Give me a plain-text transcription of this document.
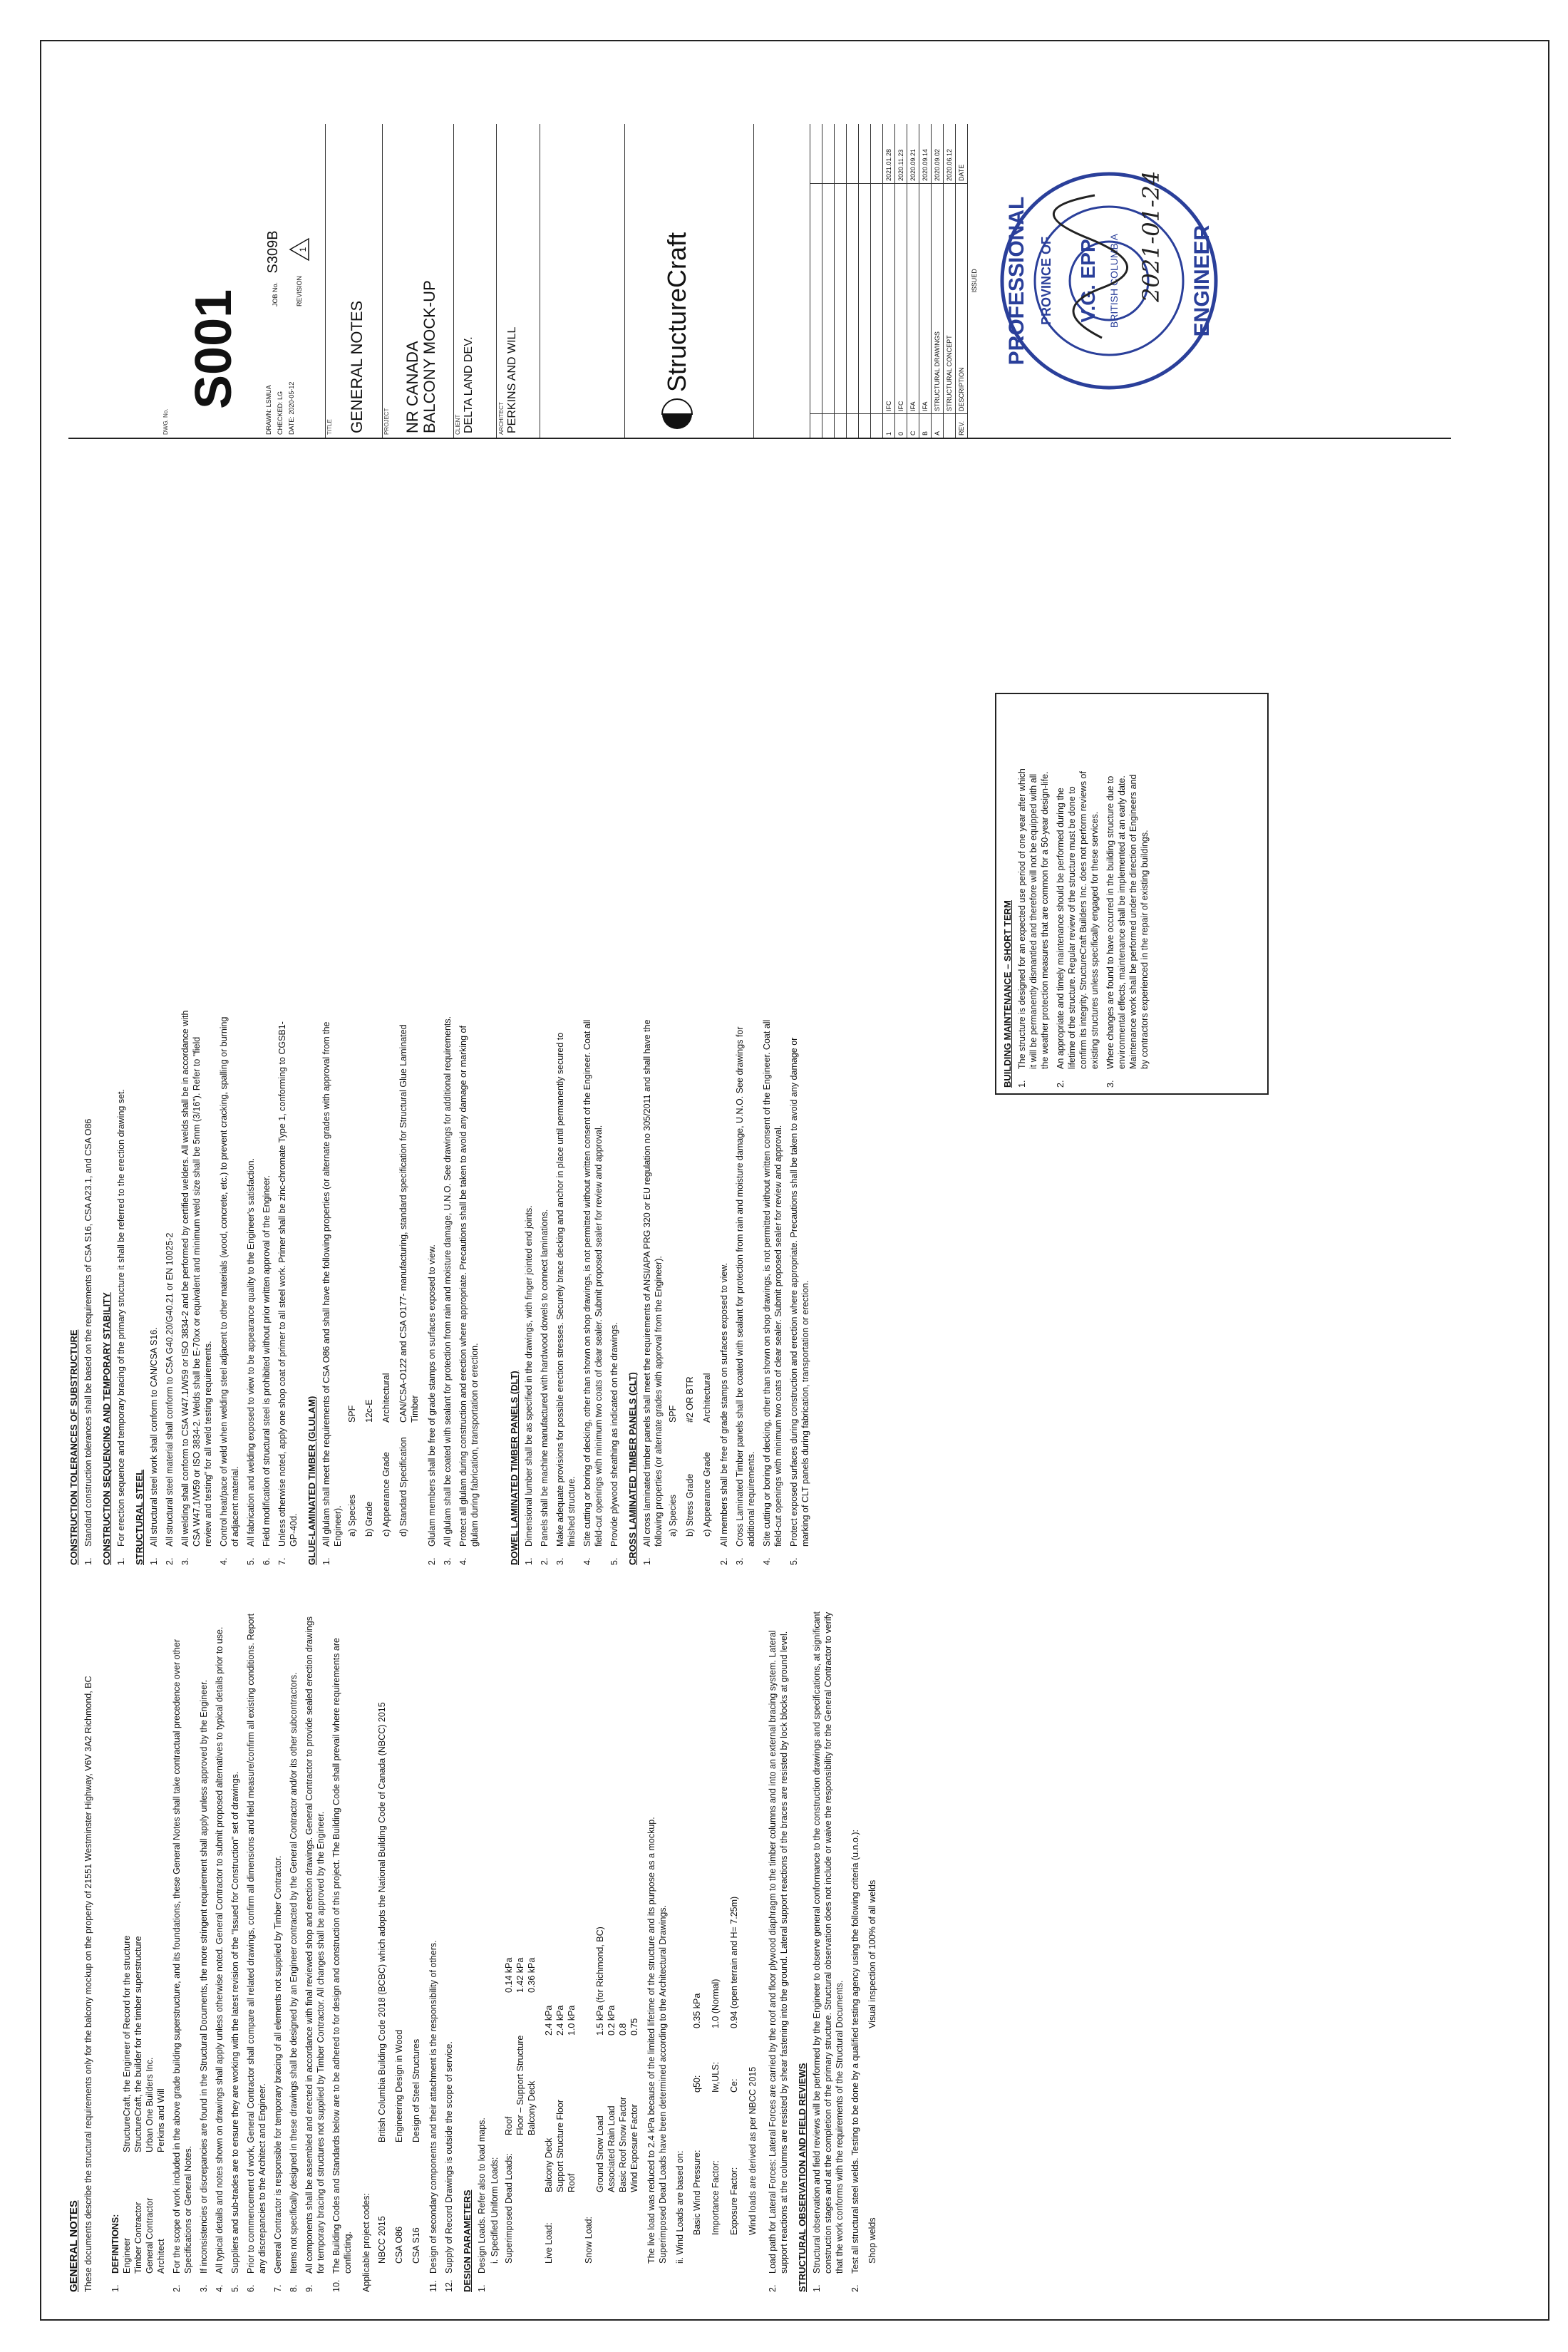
GENERAL NOTES These documents describe the structural requirements only for the balcony mockup on the property of 21551 Westminster Highway, V6V 3A2 Richmond, BC 1.
DEFINITIONS: Engineer
StructureCraft, the Engineer of Record for the structure
Timber Contractor
StructureCraft, the builder for the timber superstructure
General Contractor
Urban One Builders Inc.
Architect
Perkins and Will
2.
For the scope of work included in the above grade building superstructure, and its foundations, these General Notes shall take contractual precedence over other Specifications or General Notes.
3.
If inconsistencies or discrepancies are found in the Structural Documents, the more stringent requirement shall apply unless approved by the Engineer.
4.
All typical details and notes shown on drawings shall apply unless otherwise noted. General Contractor to submit proposed alternatives to typical details prior to use.
5.
Suppliers and sub-trades are to ensure they are working with the latest revision of the "Issued for Construction" set of drawings.
6.
Prior to commencement of work, General Contractor shall compare all related drawings, confirm all dimensions and field measure/confirm all existing conditions. Report any discrepancies to the Architect and Engineer.
7.
General Contractor is responsible for temporary bracing of all elements not supplied by Timber Contractor.
8.
Items not specifically designed in these drawings shall be designed by an Engineer contracted by the General Contractor and/or its other subcontractors.
9.
All components shall be assembled and erected in accordance with final reviewed shop and erection drawings. General Contractor to provide sealed erection drawings for temporary bracing of structures not supplied by Timber Contractor. All changes shall be approved by the Engineer.
10.
The Building Codes and Standards below are to be adhered to for design and construction of this project. The Building Code shall prevail where requirements are conflicting. Applicable project codes: NBCC 2015
British Columbia Building Code 2018 (BCBC) which adopts the National Building Code of Canada (NBCC) 2015
CSA O86
Engineering Design in Wood
CSA S16
Design of Steel Structures
11.
Design of secondary components and their attachment is the responsibility of others.
12.
Supply of Record Drawings is outside the scope of service. DESIGN PARAMETERS 1.
Design Loads. Refer also to load maps. i. Specified Uniform Loads: Superimposed Dead Loads:
Roof
0.14 kPa
Floor – Support Structure
1.42 kPa
Balcony Deck
0.36 kPa
Live Load:
Balcony Deck
2.4 kPa
Support Structure Floor
2.4 kPa
Roof
1.0 kPa
Snow Load:
Ground Snow Load
1.5 kPa (for Richmond, BC)
Associated Rain Load
0.2 kPa
Basic Roof Snow Factor
0.8
Wind Exposure Factor
0.75 The live load was reduced to 2.4 kPa because of the limited lifetime of the structure and its purpose as a mockup. Superimposed Dead Loads have been determined according to the Architectural Drawings. ii. Wind Loads are based on: Basic Wind Pressure:
q50:
0.35 kPa
Importance Factor:
Iw,ULS:
1.0 (Normal)
Exposure Factor:
Ce:
0.94 (open terrain and H= 7.25m)
Wind loads are derived as per NBCC 2015
2.
Load path for Lateral Forces: Lateral Forces are carried by the roof and floor plywood diaphragm to the timber columns and into an external bracing system. Lateral support reactions at the columns are resisted by shear fastening into the ground. Lateral support reactions of the braces are resisted by lock blocks at ground level. STRUCTURAL OBSERVATION AND FIELD REVIEWS 1.
Structural observation and field reviews will be performed by the Engineer to observe general conformance to the construction drawings and specifications, at significant construction stages and at the completion of the primary structure. Structural observation does not include or waive the responsibility for the General Contractor to verify that the work conforms with the requirements of the Structural Documents.
2.
Test all structural steel welds. Testing to be done by a qualified testing agency using the following criteria (u.n.o.): Shop welds
Visual inspection of 100% of all welds
CONSTRUCTION TOLERANCES OF SUBSTRUCTURE 1.
Standard construction tolerances shall be based on the requirements of CSA S16, CSA A23.1, and CSA O86 CONSTRUCTION SEQUENCING AND TEMPORARY STABILITY 1.
For erection sequence and temporary bracing of the primary structure it shall be referred to the erection drawing set. STRUCTURAL STEEL 1.
All structural steel work shall conform to CAN/CSA S16.
2.
All structural steel material shall conform to CSA G40.20/G40.21 or EN 10025-2
3.
All welding shall conform to CSA W47.1/W59 or ISO 3834-2 and be performed by certified welders. All welds shall be in accordance with CSA W47.1/W59 or ISO 3834-2. Welds shall be E-70xx or equivalent and minimum weld size shall be 5mm (3/16"). Refer to "field review and testing" for all weld testing requirements.
4.
Control heat/pace of weld when welding steel adjacent to other materials (wood, concrete, etc.) to prevent cracking, spalling or burning of adjacent material.
5.
All fabrication and welding exposed to view to be appearance quality to the Engineer's satisfaction.
6.
Field modification of structural steel is prohibited without prior written approval of the Engineer.
7.
Unless otherwise noted, apply one shop coat of primer to all steel work. Primer shall be zinc-chromate Type 1, conforming to CGSB1-GP-40d. GLUE-LAMINATED TIMBER (GLULAM) 1.
All glulam shall meet the requirements of CSA O86 and shall have the following properties (or alternate grades with approval from the Engineer). a) Species
SPF
b) Grade
12c-E
c) Appearance Grade
Architectural
d) Standard Specification
CAN/CSA-O122 and CSA O177- manufacturing, standard specification for Structural Glue Laminated Timber
2.
Glulam members shall be free of grade stamps on surfaces exposed to view.
3.
All glulam shall be coated with sealant for protection from rain and moisture damage, U.N.O. See drawings for additional requirements.
4.
Protect all glulam during construction and erection where appropriate. Precautions shall be taken to avoid any damage or marking of glulam during fabrication, transportation or erection.	DOWEL LAMINATED TIMBER PANELS (DLT) 1.
Dimensional lumber shall be as specified in the drawings, with finger jointed end joints.
2.
Panels shall be machine manufactured with hardwood dowels to connect laminations.
3.
Make adequate provisions for possible erection stresses. Securely brace decking and anchor in place until permanently secured to finished structure.
4.
Site cutting or boring of decking, other than shown on shop drawings, is not permitted without written consent of the Engineer. Coat all field-cut openings with minimum two coats of clear sealer. Submit proposed sealer for review and approval.
5.
Provide plywood sheathing as indicated on the drawings. CROSS LAMINATED TIMBER PANELS (CLT) 1.
All cross laminated timber panels shall meet the requirements of ANSI/APA PRG 320 or EU regulation no 305/2011 and shall have the following properties (or alternate grades with approval from the Engineer). a) Species
SPF
b) Stress Grade
#2 OR BTR
c) Appearance Grade
Architectural
2.
All members shall be free of grade stamps on surfaces exposed to view.
3.
Cross Laminated Timber panels shall be coated with sealant for protection from rain and moisture damage, U.N.O. See drawings for additional requirements.
4.
Site cutting or boring of decking, other than shown on shop drawings, is not permitted without written consent of the Engineer. Coat all field-cut openings with minimum two coats of clear sealer. Submit proposed sealer for review and approval.
5.
Protect exposed surfaces during construction and erection where appropriate. Precautions shall be taken to avoid any damage or marking of CLT panels during fabrication, transportation or erection.
BUILDING MAINTENANCE – SHORT TERM 1.
The structure is designed for an expected use period of one year after which it will be permanently dismantled and therefore will not be equipped with all the weather protection measures that are common for a 50-year design-life.
2.
An appropriate and timely maintenance should be performed during the lifetime of the structure. Regular review of the structure must be done to confirm its integrity. StructureCraft Builders Inc. does not perform reviews of existing structures unless specifically engaged for these services.
3.
Where changes are found to have occurred in the building structure due to environmental effects, maintenance shall be implemented at an early date. Maintenance work shall be performed under the direction of Engineers and by contractors experienced in the repair of existing buildings.
PROFESSIONAL PROVINCE OF V.G. EPP BRITISH COLUMBIA	ENGINEER
2021-01-24
1
IFC
2021.01.28
0
IFC
2020.11.23
C
IFA
2020.09.21
B
IFA
2020.09.14
A
STRUCTURAL DRAWINGS
2020.09.02
STRUCTURAL CONCEPT
2020.06.12
REV.
DESCRIPTION
DATE
ISSUED
StructureCraft
ARCHITECT PERKINS AND WILL
CLIENT DELTA LAND DEV.
PROJECT NR CANADA BALCONY MOCK-UP
TITLE GENERAL NOTES
DRAWN: LSMUA
CHECKED: LG
DATE: 2020-05-12
JOB No. S309B
REVISION
1
DWG. No.
S001
